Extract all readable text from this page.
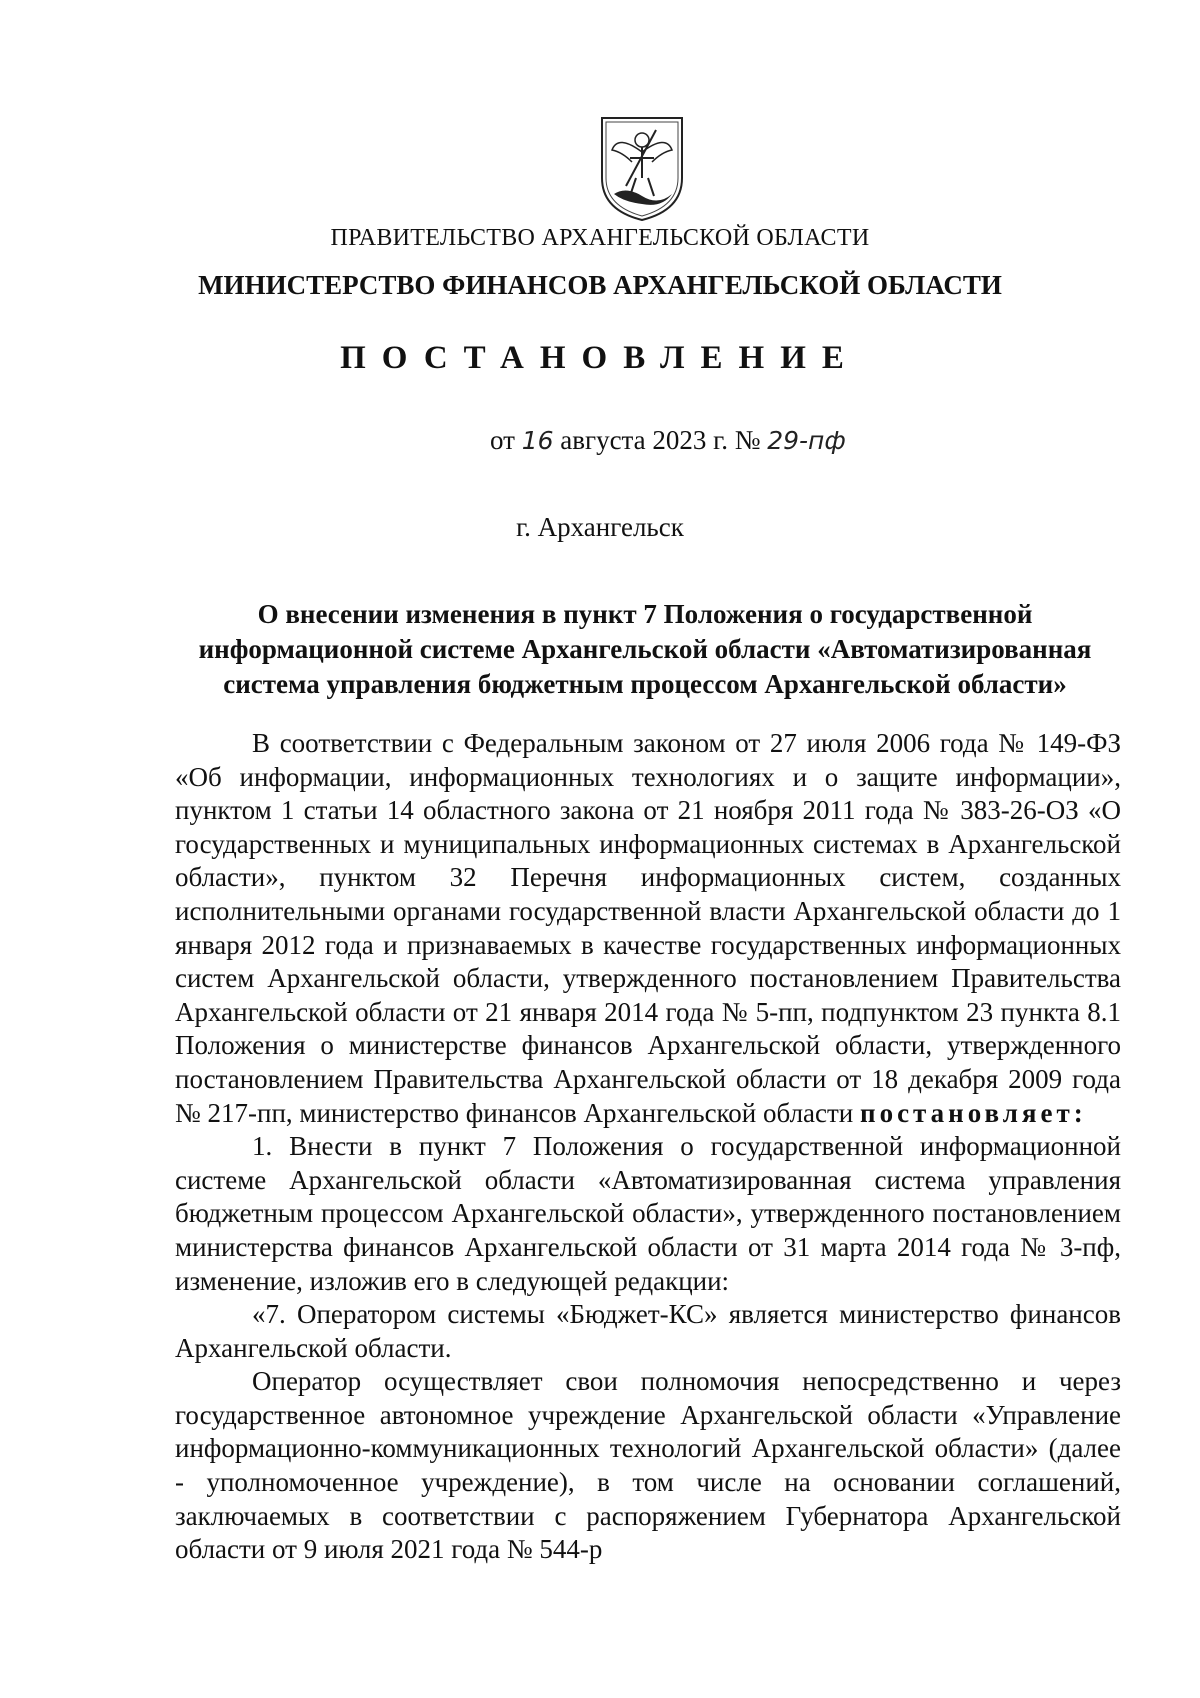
ПРАВИТЕЛЬСТВО АРХАНГЕЛЬСКОЙ ОБЛАСТИ
МИНИСТЕРСТВО ФИНАНСОВ АРХАНГЕЛЬСКОЙ ОБЛАСТИ
ПОСТАНОВЛЕНИЕ
от 16 августа 2023 г. № 29-пф
г. Архангельск
О внесении изменения в пункт 7 Положения о государственной информационной системе Архангельской области «Автоматизированная система управления бюджетным процессом Архангельской области»

В соответствии с Федеральным законом от 27 июля 2006 года № 149-ФЗ «Об информации, информационных технологиях и о защите информации», пунктом 1 статьи 14 областного закона от 21 ноября 2011 года № 383-26-ОЗ «О государственных и муниципальных информационных системах в Архангельской области», пунктом 32 Перечня информационных систем, созданных исполнительными органами государственной власти Архангельской области до 1 января 2012 года и признаваемых в качестве государственных информационных систем Архангельской области, утвержденного постановлением Правительства Архангельской области от 21 января 2014 года № 5-пп, подпунктом 23 пункта 8.1 Положения о министерстве финансов Архангельской области, утвержденного постановлением Правительства Архангельской области от 18 декабря 2009 года № 217-пп, министерство финансов Архангельской области постановляет:

1. Внести в пункт 7 Положения о государственной информационной системе Архангельской области «Автоматизированная система управления бюджетным процессом Архангельской области», утвержденного постановлением министерства финансов Архангельской области от 31 марта 2014 года № 3-пф, изменение, изложив его в следующей редакции:

«7. Оператором системы «Бюджет-КС» является министерство финансов Архангельской области.

Оператор осуществляет свои полномочия непосредственно и через государственное автономное учреждение Архангельской области «Управление информационно-коммуникационных технологий Архангельской области» (далее - уполномоченное учреждение), в том числе на основании соглашений, заключаемых в соответствии с распоряжением Губернатора Архангельской области от 9 июля 2021 года № 544-р
